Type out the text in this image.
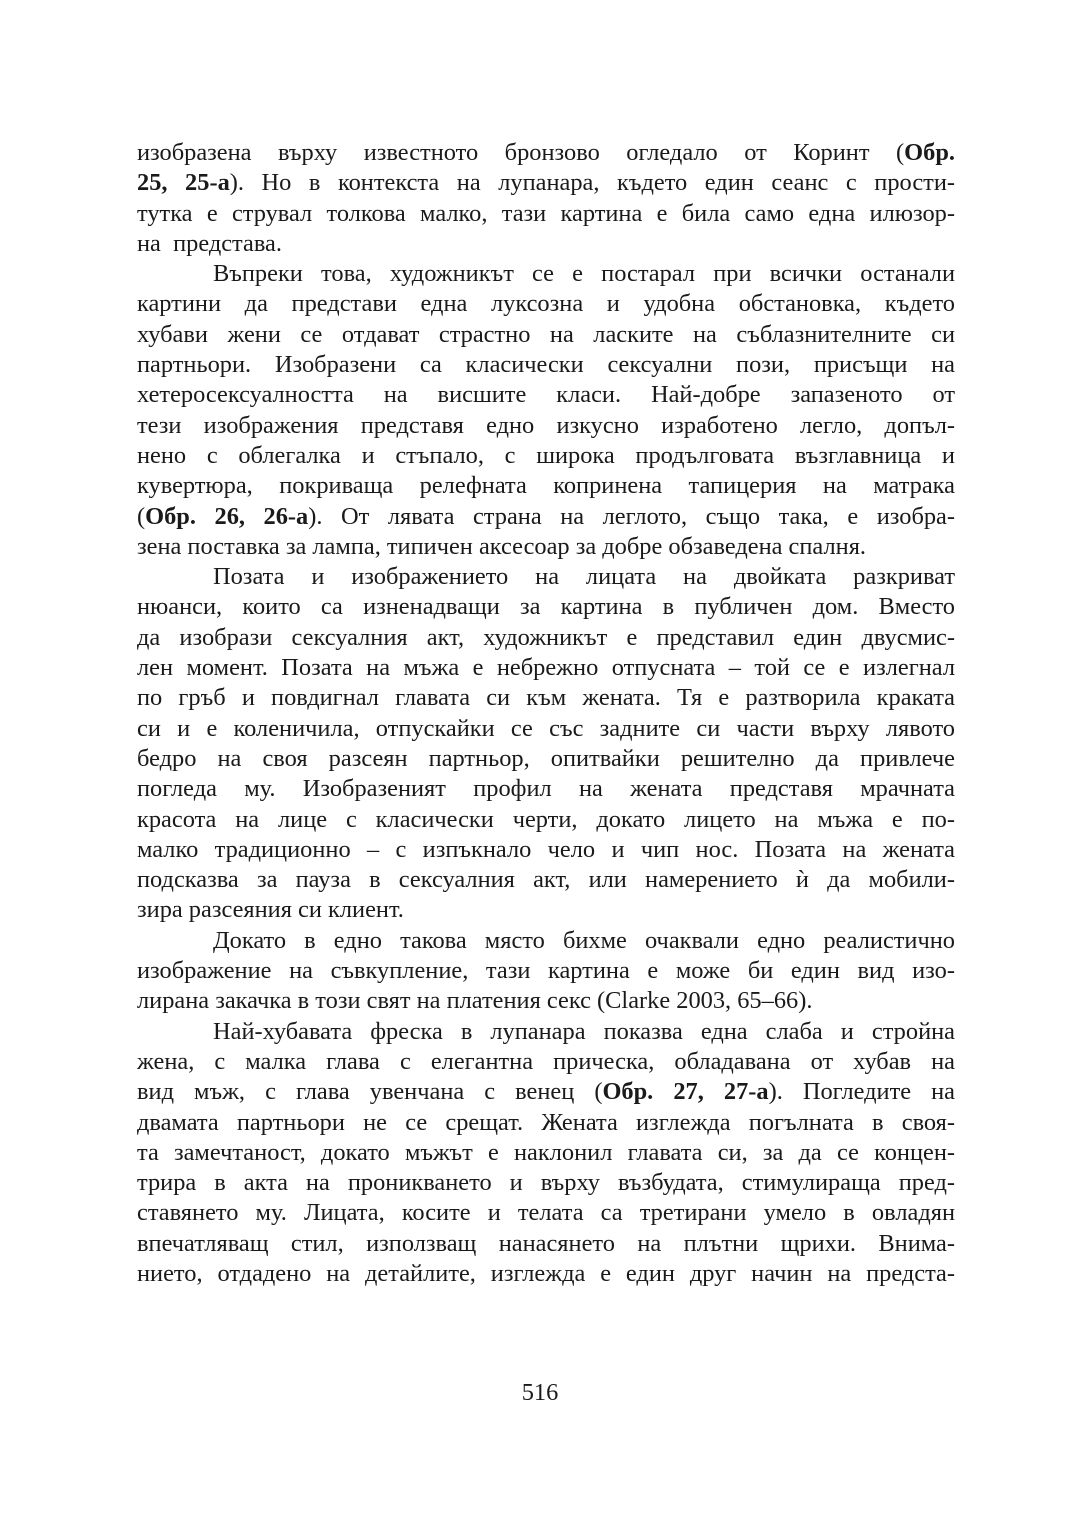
изобразена върху известното бронзово огледало от Коринт (Обр.
25, 25-а). Но в контекста на лупанара, където един сеанс с прости-
тутка е струвал толкова малко, тази картина е била само една илюзор-
на  представа.
Въпреки това, художникът се е постарал при всички останали
картини да представи една луксозна и удобна обстановка, където
хубави жени се отдават страстно на ласките на съблазнителните си
партньори. Изобразени са класически сексуални пози, присъщи на
хетеросексуалността на висшите класи. Най-добре запазеното от
тези изображения представя едно изкусно изработено легло, допъл-
нено с облегалка и стъпало, с широка продълговата възглавница и
кувертюра, покриваща релефната копринена тапицерия на матрака
(Обр. 26, 26-а). От лявата страна на леглото, също така, е изобра-
зена поставка за лампа, типичен аксесоар за добре обзаведена спалня.
Позата и изображението на лицата на двойката разкриват
нюанси, които са изненадващи за картина в публичен дом. Вместо
да изобрази сексуалния акт, художникът е представил един двусмис-
лен момент. Позата на мъжа е небрежно отпусната – той се е излегнал
по гръб и повдигнал главата си към жената. Тя е разтворила краката
си и е коленичила, отпускайки се със задните си части върху лявото
бедро на своя разсеян партньор, опитвайки решително да привлече
погледа му. Изобразеният профил на жената представя мрачната
красота на лице с класически черти, докато лицето на мъжа е по-
малко традиционно – с изпъкнало чело и чип нос. Позата на жената
подсказва за пауза в сексуалния акт, или намерението ѝ да мобили-
зира разсеяния си клиент.
Докато в едно такова място бихме очаквали едно реалистично
изображение на съвкупление, тази картина е може би един вид изо-
лирана закачка в този свят на платения секс (Clarke 2003, 65–66).
Най-хубавата фреска в лупанара показва една слаба и стройна
жена, с малка глава с елегантна прическа, обладавана от хубав на
вид мъж, с глава увенчана с венец (Обр. 27, 27-а). Погледите на
двамата партньори не се срещат. Жената изглежда погълната в своя-
та замечтаност, докато мъжът е наклонил главата си, за да се концен-
трира в акта на проникването и върху възбудата, стимулираща пред-
ставянето му. Лицата, косите и телата са третирани умело в овладян
впечатляващ стил, използващ нанасянето на плътни щрихи. Внима-
нието, отдадено на детайлите, изглежда е един друг начин на предста-
516
